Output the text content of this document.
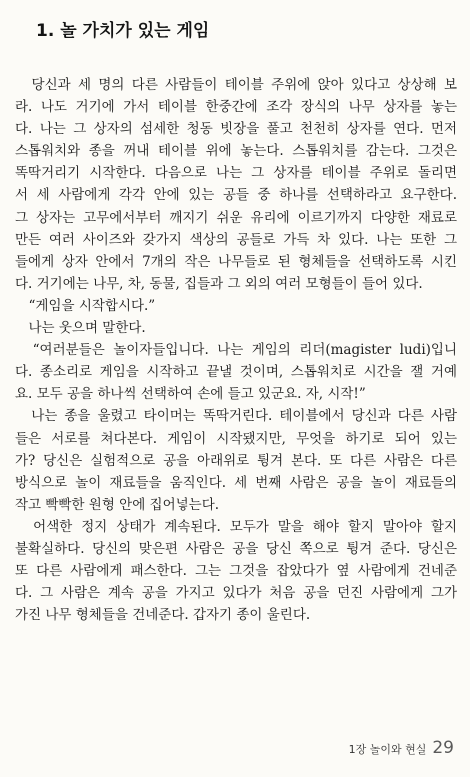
1. 놀 가치가 있는 게임
　당신과 세 명의 다른 사람들이 테이블 주위에 앉아 있다고 상상해 보
라. 나도 거기에 가서 테이블 한중간에 조각 장식의 나무 상자를 놓는
다. 나는 그 상자의 섬세한 청동 빗장을 풀고 천천히 상자를 연다. 먼저
스톱워치와 종을 꺼내 테이블 위에 놓는다. 스톱워치를 감는다. 그것은
똑딱거리기 시작한다. 다음으로 나는 그 상자를 테이블 주위로 돌리면
서 세 사람에게 각각 안에 있는 공들 중 하나를 선택하라고 요구한다.
그 상자는 고무에서부터 깨지기 쉬운 유리에 이르기까지 다양한 재료로
만든 여러 사이즈와 갖가지 색상의 공들로 가득 차 있다. 나는 또한 그
들에게 상자 안에서 7개의 작은 나무들로 된 형체들을 선택하도록 시킨
다. 거기에는 나무, 차, 동물, 집들과 그 외의 여러 모형들이 들어 있다.
　“게임을 시작합시다.”
　나는 웃으며 말한다.
　“여러분들은 놀이자들입니다. 나는 게임의 리더(magister ludi)입니
다. 종소리로 게임을 시작하고 끝낼 것이며, 스톱워치로 시간을 잴 거예
요. 모두 공을 하나씩 선택하여 손에 들고 있군요. 자, 시작!”
　나는 종을 울렸고 타이머는 똑딱거린다. 테이블에서 당신과 다른 사람
들은 서로를 쳐다본다. 게임이 시작됐지만, 무엇을 하기로 되어 있는
가? 당신은 실험적으로 공을 아래위로 튕겨 본다. 또 다른 사람은 다른
방식으로 놀이 재료들을 움직인다. 세 번째 사람은 공을 놀이 재료들의
작고 빡빡한 원형 안에 집어넣는다.
　어색한 정지 상태가 계속된다. 모두가 말을 해야 할지 말아야 할지
불확실하다. 당신의 맞은편 사람은 공을 당신 쪽으로 튕겨 준다. 당신은
또 다른 사람에게 패스한다. 그는 그것을 잡았다가 옆 사람에게 건네준
다. 그 사람은 계속 공을 가지고 있다가 처음 공을 던진 사람에게 그가
가진 나무 형체들을 건네준다. 갑자기 종이 울린다.
1장 놀이와 현실 29
